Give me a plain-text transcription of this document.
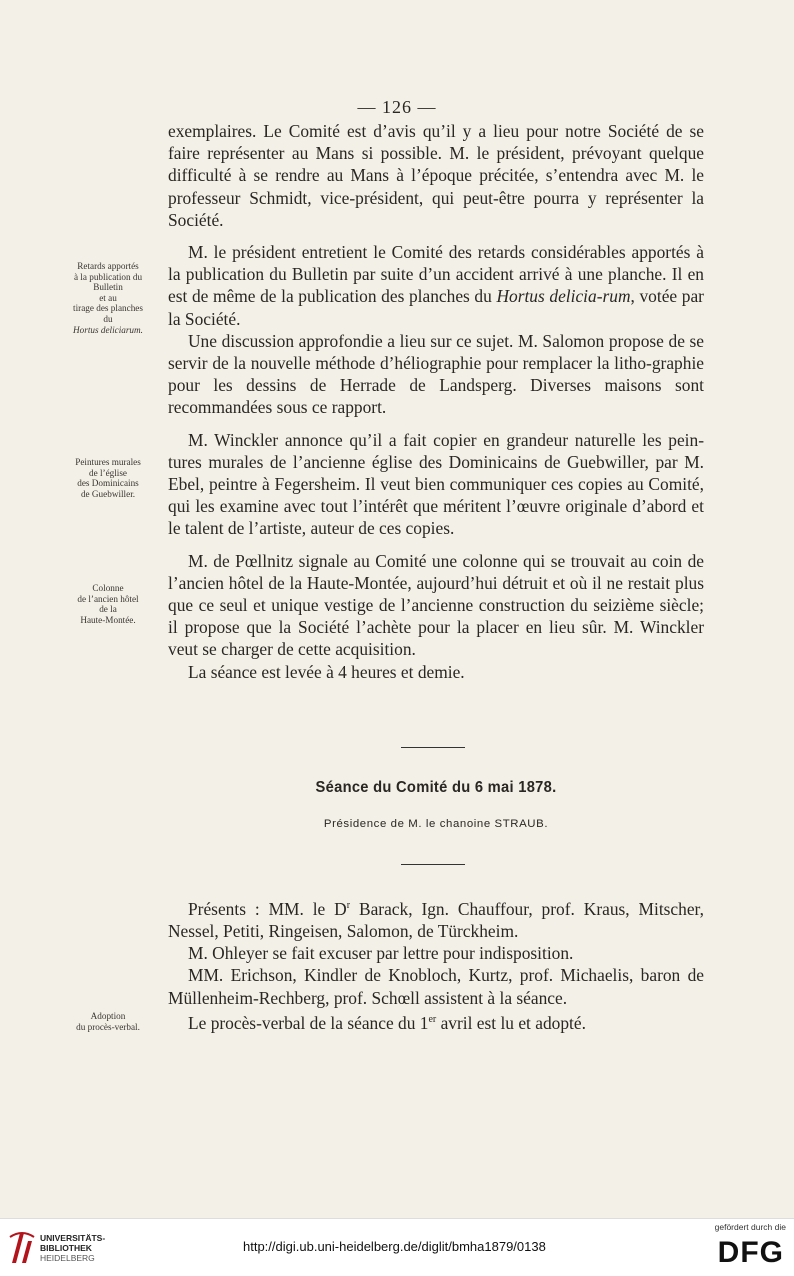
— 126 —

exemplaires. Le Comité est d’avis qu’il y a lieu pour notre Société de se faire représenter au Mans si possible. M. le président, prévoyant quelque difficulté à se rendre au Mans à l’époque précitée, s’entendra avec M. le professeur Schmidt, vice-président, qui peut-être pourra y représenter la Société.

M. le président entretient le Comité des retards considérables apportés à la publication du Bulletin par suite d’un accident arrivé à une planche. Il en est de même de la publication des planches du Hortus delicia-rum, votée par la Société.

Une discussion approfondie a lieu sur ce sujet. M. Salomon propose de se servir de la nouvelle méthode d’héliographie pour remplacer la litho-graphie pour les dessins de Herrade de Landsperg. Diverses maisons sont recommandées sous ce rapport.

M. Winckler annonce qu’il a fait copier en grandeur naturelle les pein-tures murales de l’ancienne église des Dominicains de Guebwiller, par M. Ebel, peintre à Fegersheim. Il veut bien communiquer ces copies au Comité, qui les examine avec tout l’intérêt que méritent l’œuvre originale d’abord et le talent de l’artiste, auteur de ces copies.

M. de Pœllnitz signale au Comité une colonne qui se trouvait au coin de l’ancien hôtel de la Haute-Montée, aujourd’hui détruit et où il ne restait plus que ce seul et unique vestige de l’ancienne construction du seizième siècle; il propose que la Société l’achète pour la placer en lieu sûr. M. Winckler veut se charger de cette acquisition.

La séance est levée à 4 heures et demie.

Retards apportés
à la publication du
Bulletin
et au
tirage des planches
du
Hortus deliciarum.
Peintures murales
de l’église
des Dominicains
de Guebwiller.
Colonne
de l’ancien hôtel
de la
Haute-Montée.
Adoption
du procès-verbal.
Séance du Comité du 6 mai 1878.
Présidence de M. le chanoine STRAUB.

Présents : MM. le $D^r$ Barack, Ign. Chauffour, prof. Kraus, Mitscher, Nessel, Petiti, Ringeisen, Salomon, de Türckheim.

M. Ohleyer se fait excuser par lettre pour indisposition.

MM. Erichson, Kindler de Knobloch, Kurtz, prof. Michaelis, baron de Müllenheim-Rechberg, prof. Schœll assistent à la séance.

Le procès-verbal de la séance du 1er avril est lu et adopté.

UNIVERSITÄTS-
BIBLIOTHEK
HEIDELBERG
http://digi.ub.uni-heidelberg.de/diglit/bmha1879/0138
gefördert durch die
DFG
